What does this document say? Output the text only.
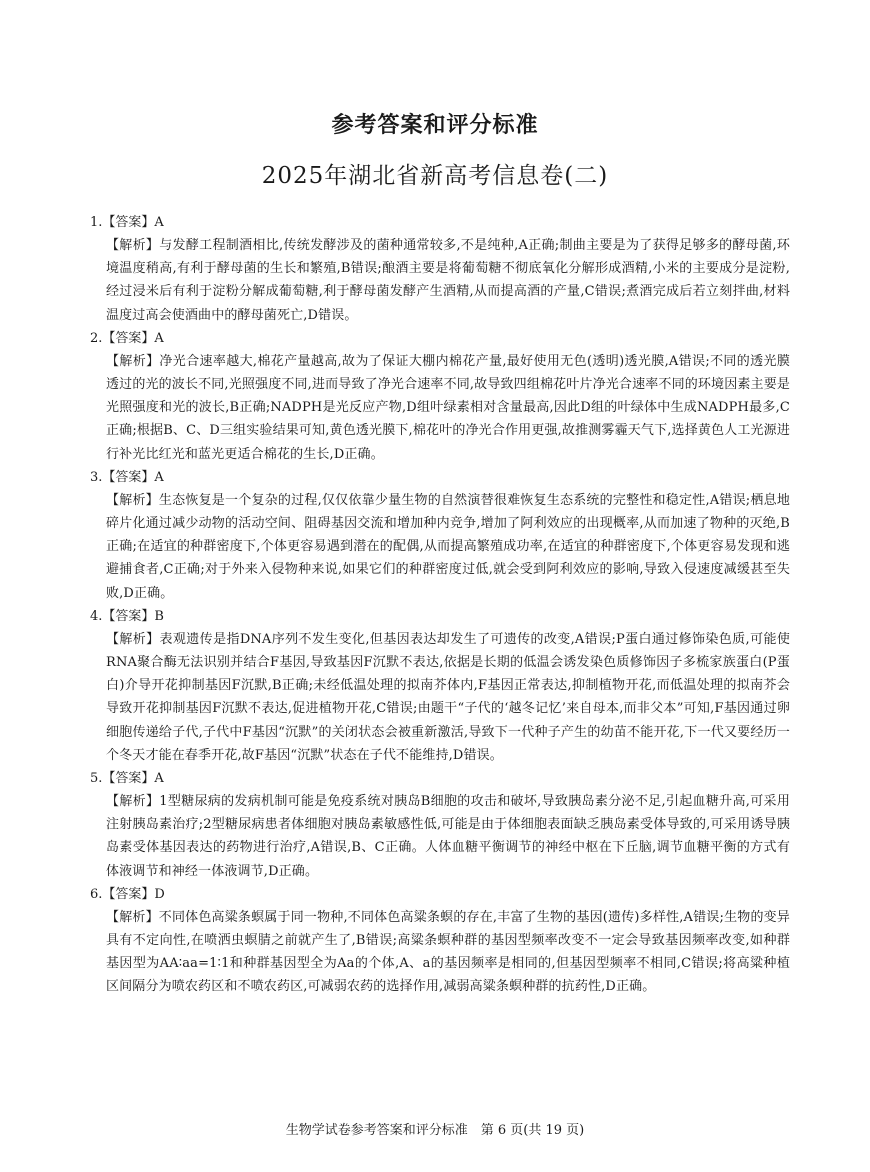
参考答案和评分标准
2025年湖北省新高考信息卷(二)
1.【答案】A
【解析】与发酵工程制酒相比,传统发酵涉及的菌种通常较多,不是纯种,A正确;制曲主要是为了获得足够多的酵母菌,环境温度稍高,有利于酵母菌的生长和繁殖,B错误;酿酒主要是将葡萄糖不彻底氧化分解形成酒精,小米的主要成分是淀粉,经过浸米后有利于淀粉分解成葡萄糖,利于酵母菌发酵产生酒精,从而提高酒的产量,C错误;煮酒完成后若立刻拌曲,材料温度过高会使酒曲中的酵母菌死亡,D错误。
2.【答案】A
【解析】净光合速率越大,棉花产量越高,故为了保证大棚内棉花产量,最好使用无色(透明)透光膜,A错误;不同的透光膜透过的光的波长不同,光照强度不同,进而导致了净光合速率不同,故导致四组棉花叶片净光合速率不同的环境因素主要是光照强度和光的波长,B正确;NADPH是光反应产物,D组叶绿素相对含量最高,因此D组的叶绿体中生成NADPH最多,C正确;根据B、C、D三组实验结果可知,黄色透光膜下,棉花叶的净光合作用更强,故推测雾霾天气下,选择黄色人工光源进行补光比红光和蓝光更适合棉花的生长,D正确。
3.【答案】A
【解析】生态恢复是一个复杂的过程,仅仅依靠少量生物的自然演替很难恢复生态系统的完整性和稳定性,A错误;栖息地碎片化通过减少动物的活动空间、阻碍基因交流和增加种内竞争,增加了阿利效应的出现概率,从而加速了物种的灭绝,B正确;在适宜的种群密度下,个体更容易遇到潜在的配偶,从而提高繁殖成功率,在适宜的种群密度下,个体更容易发现和逃避捕食者,C正确;对于外来入侵物种来说,如果它们的种群密度过低,就会受到阿利效应的影响,导致入侵速度减缓甚至失败,D正确。
4.【答案】B
【解析】表观遗传是指DNA序列不发生变化,但基因表达却发生了可遗传的改变,A错误;P蛋白通过修饰染色质,可能使RNA聚合酶无法识别并结合F基因,导致基因F沉默不表达,依据是长期的低温会诱发染色质修饰因子多梳家族蛋白(P蛋白)介导开花抑制基因F沉默,B正确;未经低温处理的拟南芥体内,F基因正常表达,抑制植物开花,而低温处理的拟南芥会导致开花抑制基因F沉默不表达,促进植物开花,C错误;由题干“子代的‘越冬记忆’来自母本,而非父本”可知,F基因通过卵细胞传递给子代,子代中F基因“沉默”的关闭状态会被重新激活,导致下一代种子产生的幼苗不能开花,下一代又要经历一个冬天才能在春季开花,故F基因“沉默”状态在子代不能维持,D错误。
5.【答案】A
【解析】1型糖尿病的发病机制可能是免疫系统对胰岛B细胞的攻击和破坏,导致胰岛素分泌不足,引起血糖升高,可采用注射胰岛素治疗;2型糖尿病患者体细胞对胰岛素敏感性低,可能是由于体细胞表面缺乏胰岛素受体导致的,可采用诱导胰岛素受体基因表达的药物进行治疗,A错误,B、C正确。人体血糖平衡调节的神经中枢在下丘脑,调节血糖平衡的方式有体液调节和神经一体液调节,D正确。
6.【答案】D
【解析】不同体色高粱条螟属于同一物种,不同体色高粱条螟的存在,丰富了生物的基因(遗传)多样性,A错误;生物的变异具有不定向性,在喷洒虫螟腈之前就产生了,B错误;高粱条螟种群的基因型频率改变不一定会导致基因频率改变,如种群基因型为AA∶aa=1∶1和种群基因型全为Aa的个体,A、a的基因频率是相同的,但基因型频率不相同,C错误;将高粱种植区间隔分为喷农药区和不喷农药区,可减弱农药的选择作用,减弱高粱条螟种群的抗药性,D正确。
生物学试卷参考答案和评分标准　第 6 页(共 19 页)
